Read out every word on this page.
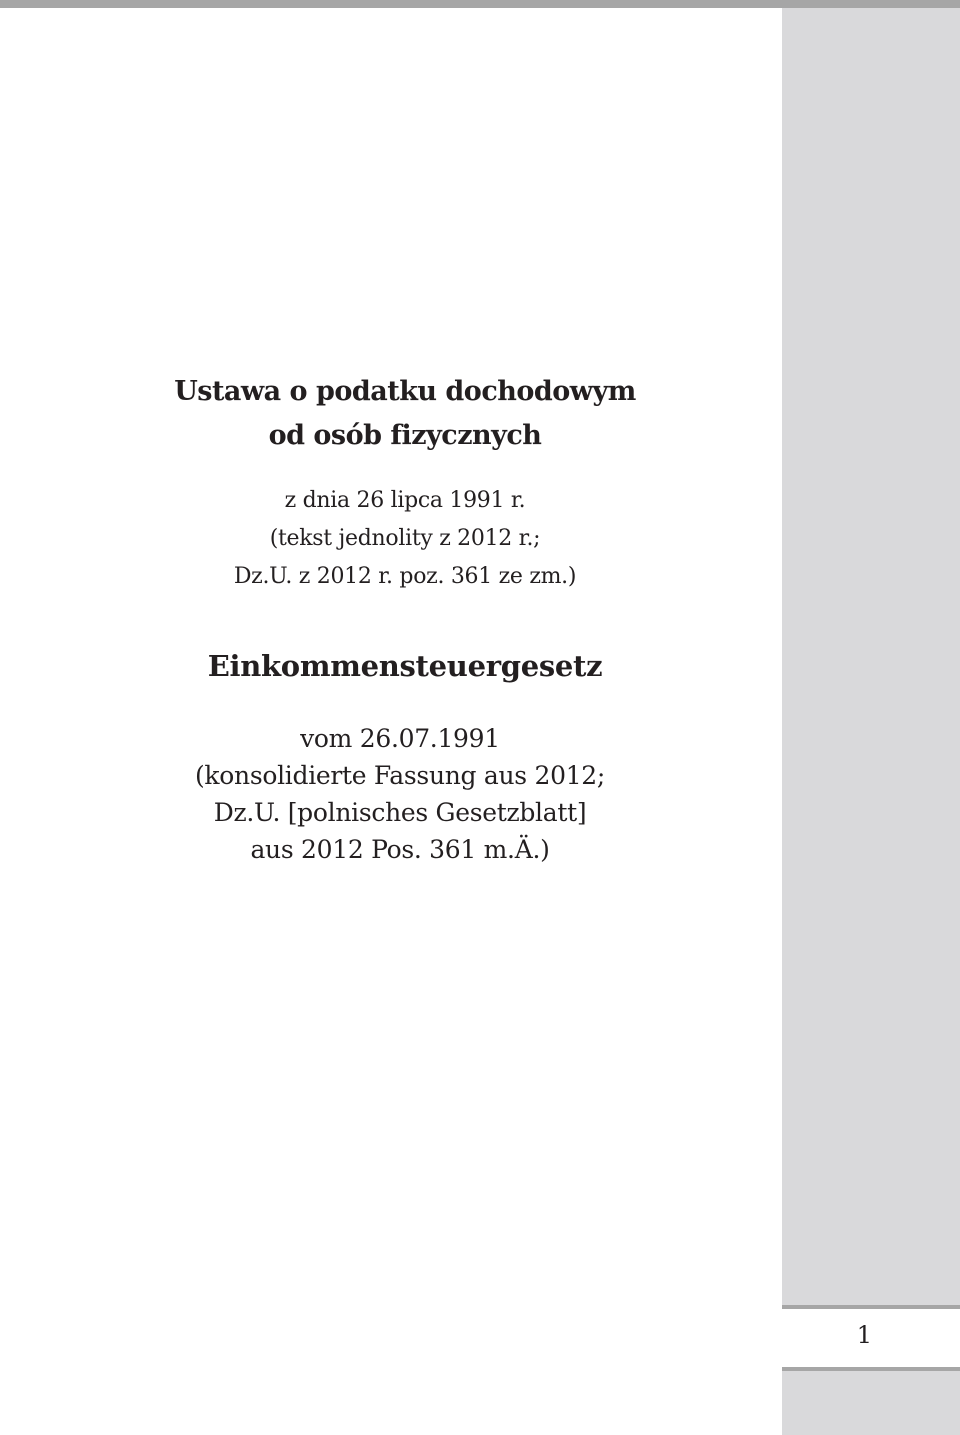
1
Ustawa o podatku dochodowym
od osób fizycznych

z dnia 26 lipca 1991 r.
(tekst jednolity z 2012 r.;
Dz.U. z 2012 r. poz. 361 ze zm.)

Einkommensteuergesetz

vom 26.07.1991
(konsolidierte Fassung aus 2012;
Dz.U. [polnisches Gesetzblatt]
aus 2012 Pos. 361 m.Ä.)
